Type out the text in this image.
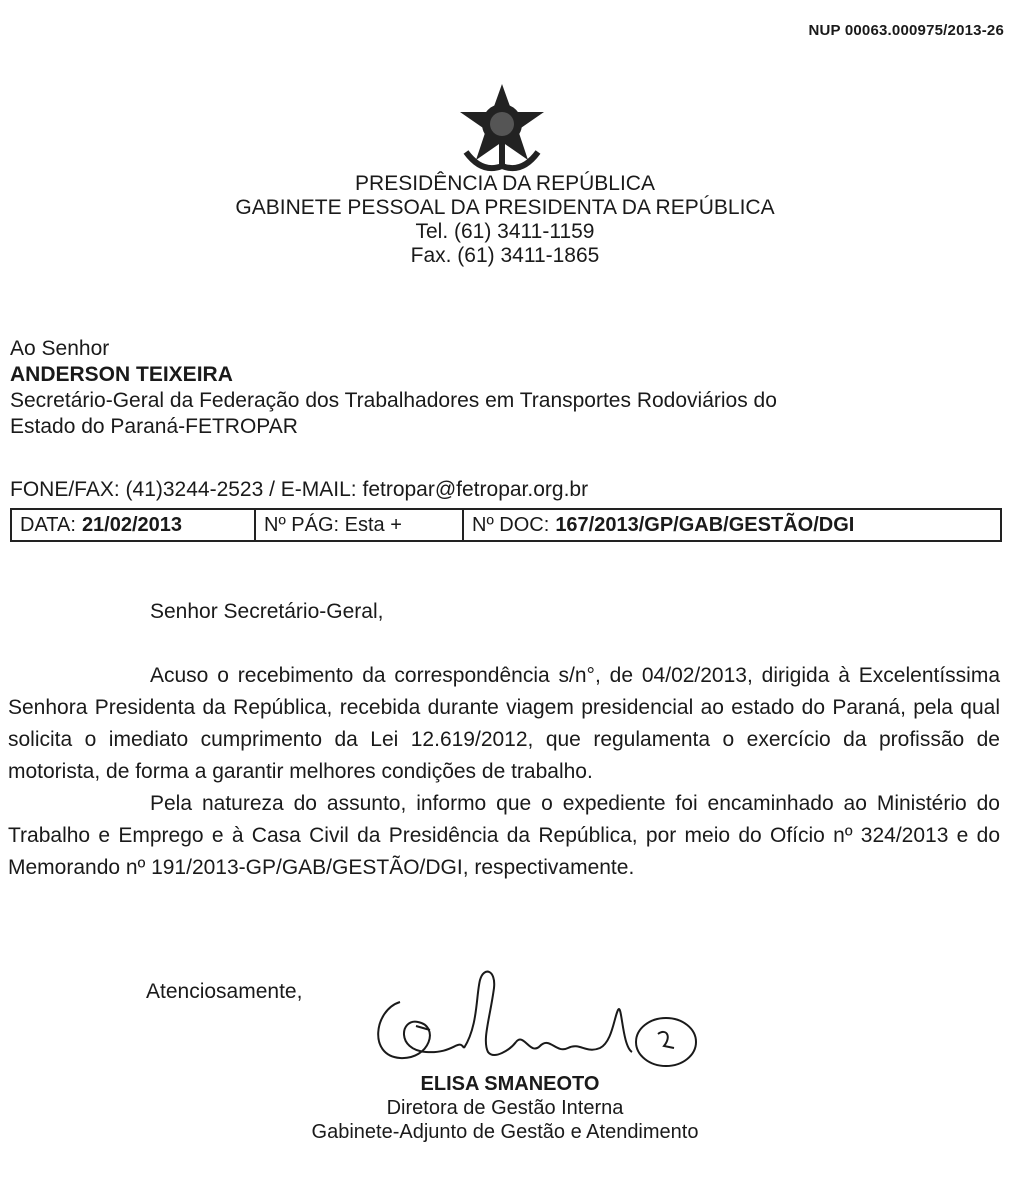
NUP 00063.000975/2013-26
PRESIDÊNCIA DA REPÚBLICA
GABINETE PESSOAL DA PRESIDENTA DA REPÚBLICA
Tel. (61) 3411-1159
Fax. (61) 3411-1865
Ao Senhor
ANDERSON TEIXEIRA
Secretário-Geral da Federação dos Trabalhadores em Transportes Rodoviários do
Estado do Paraná-FETROPAR
FONE/FAX: (41)3244-2523 / E-MAIL: fetropar@fetropar.org.br
DATA: 21/02/2013	Nº PÁG: Esta +	Nº DOC: 167/2013/GP/GAB/GESTÃO/DGI
Senhor Secretário-Geral,

Acuso o recebimento da correspondência s/n°, de 04/02/2013, dirigida à Excelentíssima Senhora Presidenta da República, recebida durante viagem presidencial ao estado do Paraná, pela qual solicita o imediato cumprimento da Lei 12.619/2012, que regulamenta o exercício da profissão de motorista, de forma a garantir melhores condições de trabalho.

Pela natureza do assunto, informo que o expediente foi encaminhado ao Ministério do Trabalho e Emprego e à Casa Civil da Presidência da República, por meio do Ofício nº 324/2013 e do Memorando nº 191/2013-GP/GAB/GESTÃO/DGI, respectivamente.

Atenciosamente,
ELISA SMANEOTO
Diretora de Gestão Interna
Gabinete-Adjunto de Gestão e Atendimento
